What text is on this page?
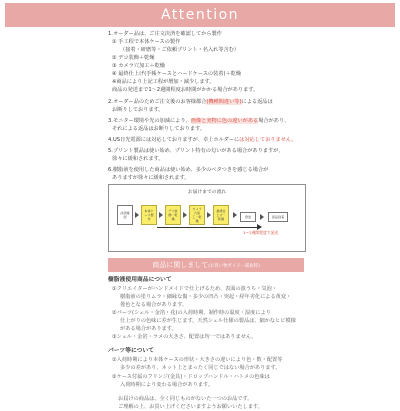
Attention
1.オーダー品は、ご注文決済を確認してから製作
① 手工程で本体ケースの製作
（接着・研磨等・ご依頼プリント・名入れ等含む）
② デコ装飾＋乾燥
③ カメラ穴加工＋乾燥
④ 最終仕上げ(手帳ケースとハードケースの装着)＋乾燥
※商品により上記工程が増加・減少します。
商品の発送まで1〜2週間程度お時間がかかる場合があります。
2.オーダー品のためご注文後のお客様都合(機種間違い等)による返品は
お断りしております。
3.モニター環境や光の加減により、画像と実物に色の違いがある場合があり、
それによる返品はお断りしております。
4.US日光電源には対応しておりますが、卓上ホルダーには対応しておりません。
5.プリント製品は使い始め、プリント特有の匂いがある場合がありますが、
徐々に緩和されます。
6.樹脂液を使用した商品は使い始め、多少のベタつきを感じる場合が
ありますが徐々に緩和されます。
お届けまでの流れ
決済確認
本体ケース製作
デコ装飾・乾燥
カメラ穴加工・乾燥
最終仕上げ・乾燥
発送	商品到着
1〜2週間程度で発送
商品に関しまして(お買い物ガイド一部抜粋)
樹脂液使用商品について
①クリエイターがハンドメイドで仕上げるため、表面の波うち・気泡・
樹脂液の塗りムラ・細縁な傷・多少の凹凸・突起・経年劣化による黄変・
曇色となる場合があります。
②パーツ(シェル・金箔・花)の入荷時期、制作時の温度・湿度により
仕上がりの色味に差が生じます。天然シェル仕様の製品は、細かなヒビ模様
がある場合があります。
③シェル・金箔・ラメの大きさ、配置は均一ではありません。
パーツ等について
①入荷時期により本体ケースの形状・大きさの違いにより色・数・配置等
多少の差があり、ネット上とまったく同じではない場合があります。
②ケース付属のフリンジ(金具)・ドロップハンドル・ハトメの色味は
入荷時期により変わる場合があります。
お届けの商品は、全く同じものがないた一つのお品です。
ご理解の上、お買い上げくださいますようお願いいたします。
